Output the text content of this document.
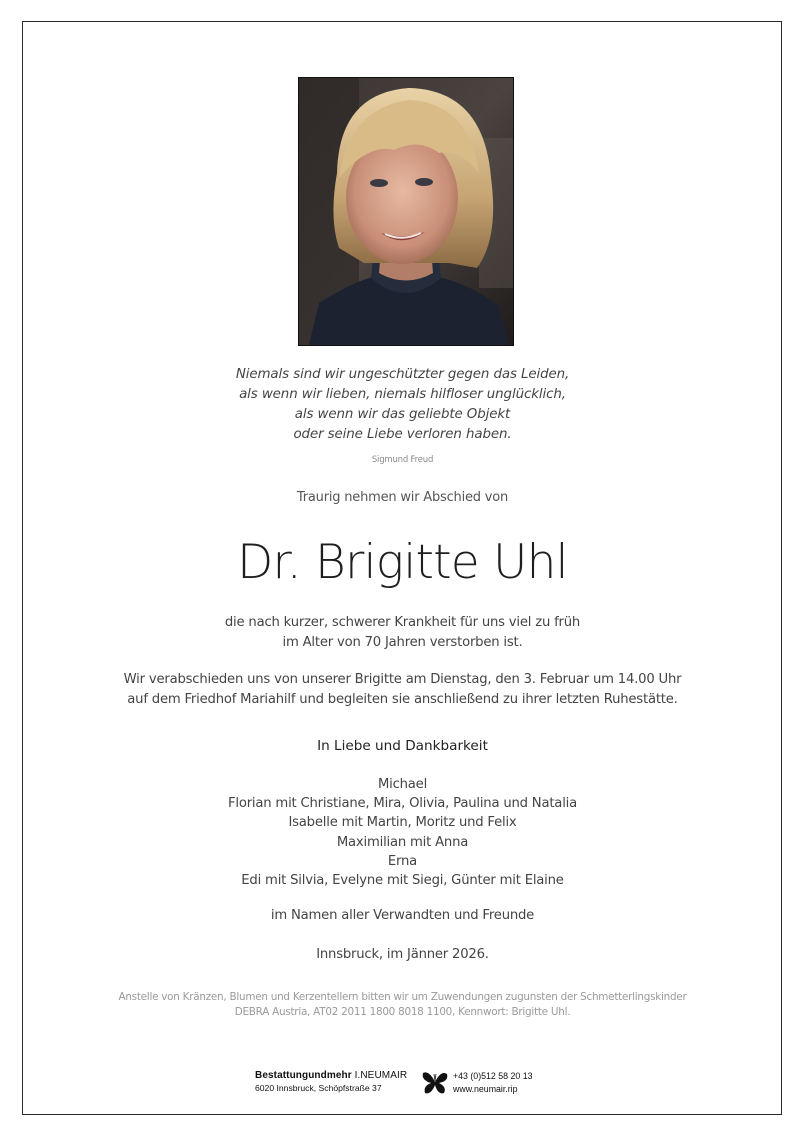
Niemals sind wir ungeschützter gegen das Leiden,
als wenn wir lieben, niemals hilfloser unglücklich,
als wenn wir das geliebte Objekt
oder seine Liebe verloren haben.
Sigmund Freud
Traurig nehmen wir Abschied von
Dr. Brigitte Uhl
die nach kurzer, schwerer Krankheit für uns viel zu früh
im Alter von 70 Jahren verstorben ist.
Wir verabschieden uns von unserer Brigitte am Dienstag, den 3. Februar um 14.00 Uhr
auf dem Friedhof Mariahilf und begleiten sie anschließend zu ihrer letzten Ruhestätte.
In Liebe und Dankbarkeit
Michael
Florian mit Christiane, Mira, Olivia, Paulina und Natalia
Isabelle mit Martin, Moritz und Felix
Maximilian mit Anna
Erna
Edi mit Silvia, Evelyne mit Siegi, Günter mit Elaine
im Namen aller Verwandten und Freunde
Innsbruck, im Jänner 2026.
Anstelle von Kränzen, Blumen und Kerzentellern bitten wir um Zuwendungen zugunsten der Schmetterlingskinder
DEBRA Austria, AT02 2011 1800 8018 1100, Kennwort: Brigitte Uhl.
Bestattungundmehr I.NEUMAIR
6020 Innsbruck, Schöpfstraße 37
+43 (0)512 58 20 13
www.neumair.rip
